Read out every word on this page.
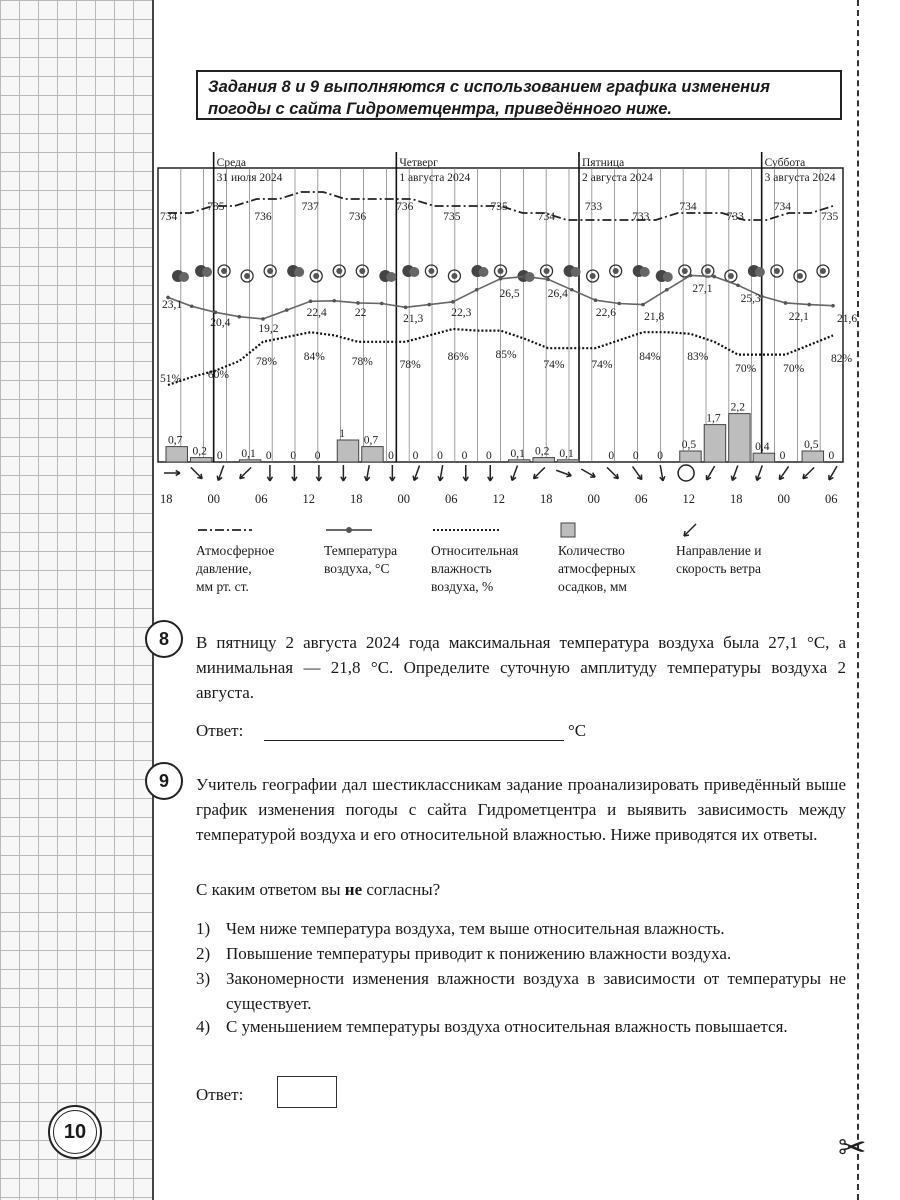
✂
Задания 8 и 9 выполняются с использованием графика изменения погоды с сайта Гидрометцентра, приведённого ниже.
Среда
31 июля 2024
Четверг
1 августа 2024
Пятница
2 августа 2024
Суббота
3 августа 2024
734
735
736
737
736
736
735
735
734
733
733
734
733
734
735
23,1
20,4 19,2
22,4 22	21,3 22,3
26,5 26,4
22,6 21,8
27,1
25,3
22,1 21,6
51% 60%
78% 84% 78% 78%
86% 85%
74% 74%
84% 83%
70% 70%
82%
0,7
0,2 0 0,1 0 0 0
1
0,7
0 0 0 0 0 0,1 0,2 0,1	0 0 0
0,5
1,7
2,2
0,4
0
0,5
0
18	00	06	12	18	00	06	12	18	00	06	12	18	00	06
Атмосферное
давление,
мм рт. ст.
Температура
воздуха, °С
Относительная
влажность
воздуха, %
Количество
атмосферных
осадков, мм
Направление и
скорость ветра
8	В пятницу 2 августа 2024 года максимальная температура воздуха была 27,1 °С, а минимальная — 21,8 °С. Определите суточную амплитуду температуры воздуха 2 августа.
Ответ:	°С
9	Учитель географии дал шестиклассникам задание проанализировать приведённый выше график изменения погоды с сайта Гидрометцентра и выявить зависимость между температурой воздуха и его относительной влажностью. Ниже приводятся их ответы.
С каким ответом вы не согласны?
1) Чем ниже температура воздуха, тем выше относительная влажность.
2) Повышение температуры приводит к понижению влажности воздуха.
3) Закономерности изменения влажности воздуха в зависимости от температуры не существует.
4) С уменьшением температуры воздуха относительная влажность повышается.
Ответ:
10
